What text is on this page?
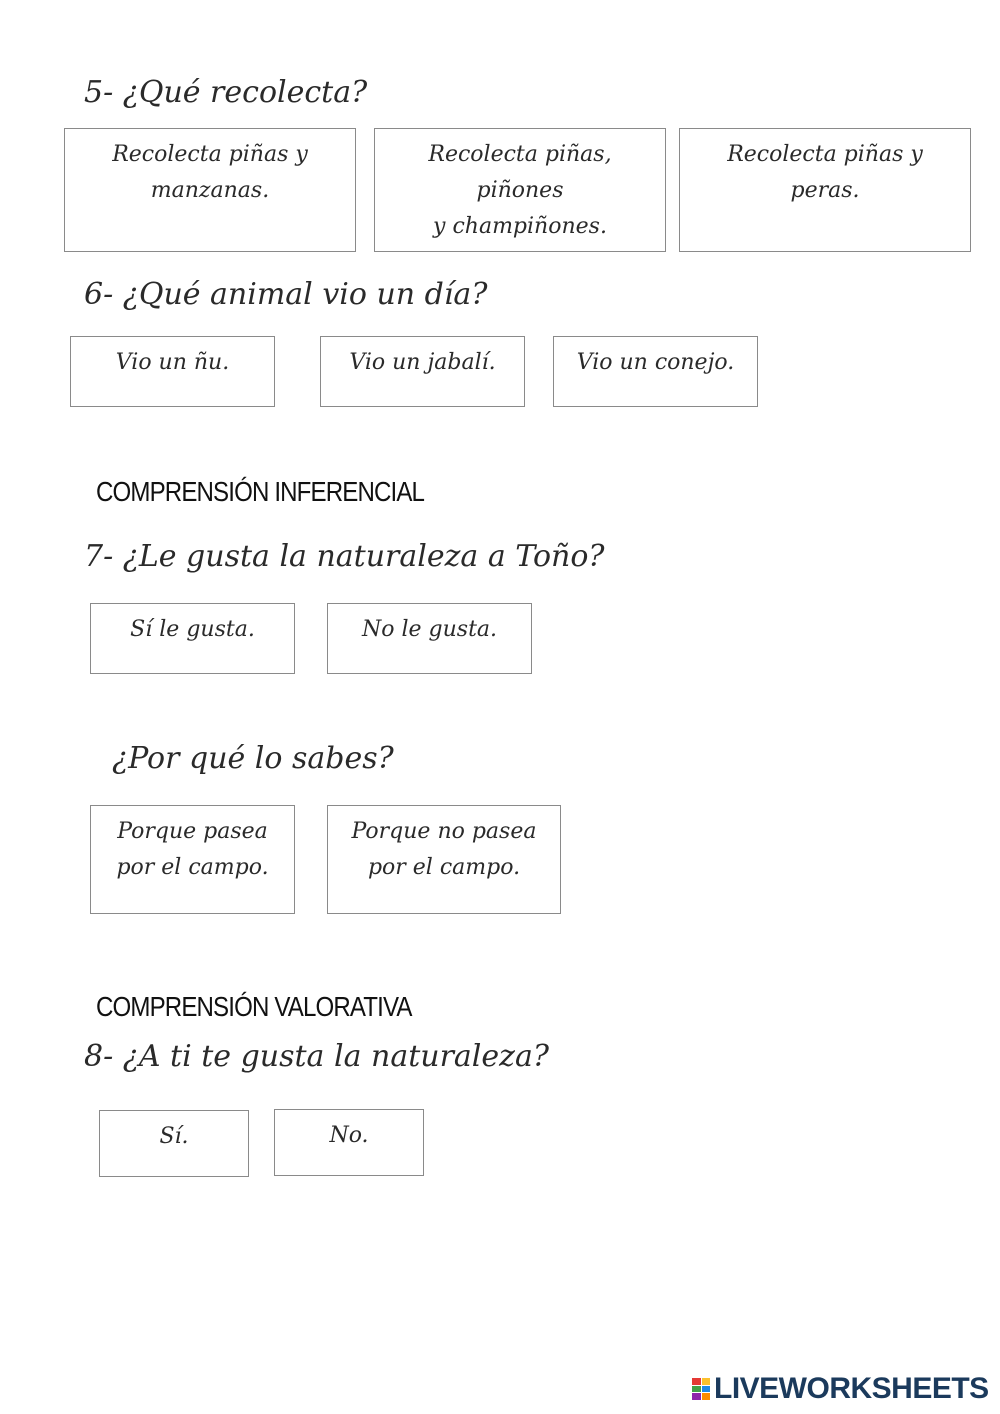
5- ¿Qué recolecta?
Recolecta piñas y
manzanas.
Recolecta piñas,
piñones
y champiñones.
Recolecta piñas y
peras.
6- ¿Qué animal vio un día?
Vio un ñu.	Vio un jabalí.	Vio un conejo.
COMPRENSIÓN INFERENCIAL
7- ¿Le gusta la naturaleza a Toño?
Sí le gusta.	No le gusta.
¿Por qué lo sabes?
Porque pasea
por el campo.
Porque no pasea
por el campo.
COMPRENSIÓN VALORATIVA
8- ¿A ti te gusta la naturaleza?
Sí.	No.
LIVEWORKSHEETS
